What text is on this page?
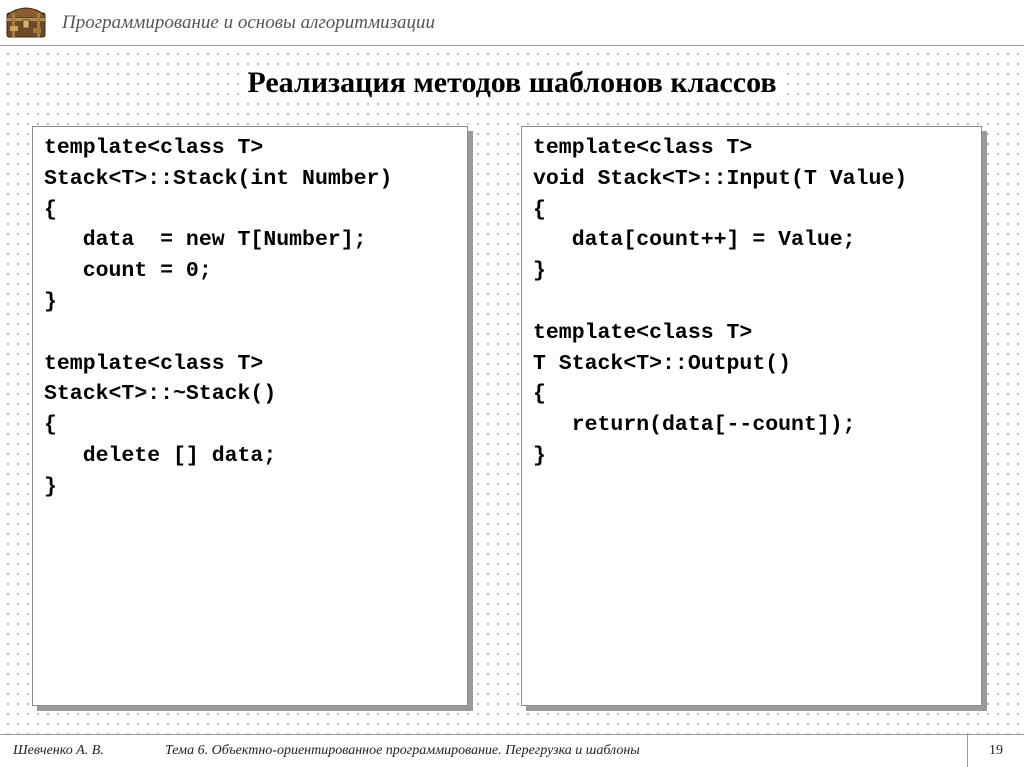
Программирование и основы алгоритмизации
Реализация методов шаблонов классов
template<class T>
Stack<T>::Stack(int Number)
{
data  = new T[Number];
count = 0;
}

template<class T>
Stack<T>::~Stack()
{
delete [] data;
}
template<class T>
void Stack<T>::Input(T Value)
{
data[count++] = Value;
}

template<class T>
T Stack<T>::Output()
{
return(data[--count]);
}
Шевченко А. В.	Тема 6. Объектно-ориентированное программирование. Перегрузка и шаблоны	19
